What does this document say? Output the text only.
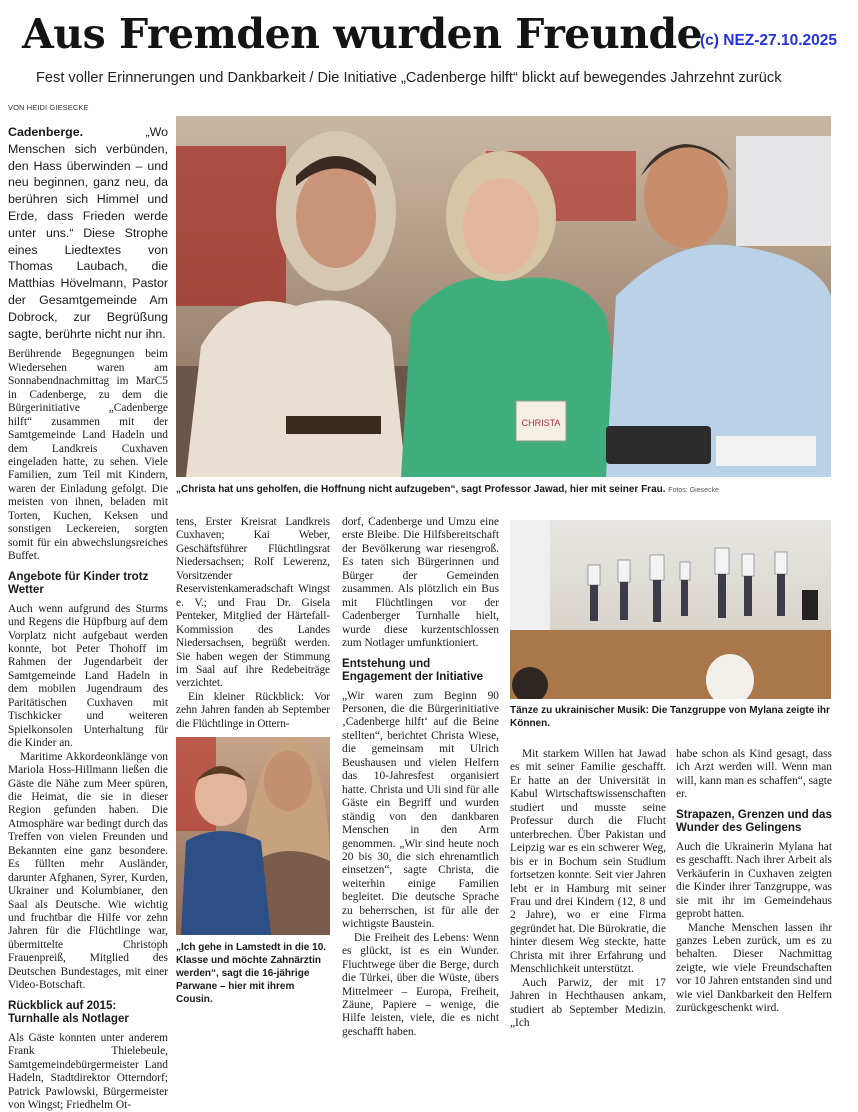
Aus Fremden wurden Freunde
(c) NEZ-27.10.2025
Fest voller Erinnerungen und Dankbarkeit / Die Initiative „Cadenberge hilft“ blickt auf bewegendes Jahrzehnt zurück
VON HEIDI GIESECKE
Cadenberge.	„Wo Menschen sich verbünden, den Hass überwinden – und neu beginnen, ganz neu, da berühren sich Himmel und Erde, dass Frieden werde unter uns.“ Diese Strophe eines Liedtextes von Thomas Laubach, die Matthias Hövelmann, Pastor der Gesamtgemeinde Am Dobrock, zur Begrüßung sagte, berührte nicht nur ihn.

Berührende Begegnungen beim Wiedersehen waren am Sonnabendnachmittag im MarC5 in Cadenberge, zu dem die Bürgerinitiative „Cadenberge hilft“ zusammen mit der Samtgemeinde Land Hadeln und dem Landkreis Cuxhaven eingeladen hatte, zu sehen. Viele Familien, zum Teil mit Kindern, waren der Einladung gefolgt. Die meisten von ihnen, beladen mit Torten, Kuchen, Keksen und sonstigen Leckereien, sorgten somit für ein abwechslungsreiches Buffet.

Angebote für Kinder trotz Wetter

Auch wenn aufgrund des Sturms und Regens die Hüpfburg auf dem Vorplatz nicht aufgebaut werden konnte, bot Peter Thohoff im Rahmen der Jugendarbeit der Samtgemeinde Land Hadeln in dem mobilen Jugendraum des Paritätischen Cuxhaven mit Tischkicker und weiteren Spielkonsolen Unterhaltung für die Kinder an.

Maritime Akkordeonklänge von Mariola Hoss-Hillmann ließen die Gäste die Nähe zum Meer spüren, die Heimat, die sie in dieser Region gefunden haben. Die Atmosphäre war bedingt durch das Treffen von vielen Freunden und Bekannten eine ganz besondere. Es füllten mehr Ausländer, darunter Afghanen, Syrer, Kurden, Ukrainer und Kolumbianer, den Saal als Deutsche. Wie wichtig und fruchtbar die Hilfe vor zehn Jahren für die Flüchtlinge war, übermittelte Christoph Frauenpreiß, Mitglied des Deutschen Bundestages, mit einer Video-Botschaft.

Rückblick auf 2015: Turnhalle als Notlager

Als Gäste konnten unter anderem Frank Thielebeule, Samtgemeindebürgermeister Land Hadeln, Stadtdirektor Otterndorf; Patrick Pawlowski, Bürgermeister von Wingst; Friedhelm Ot-

CHRISTA
„Christa hat uns geholfen, die Hoffnung nicht aufzugeben“, sagt Professor Jawad, hier mit seiner Frau. Fotos: Giesecke

tens, Erster Kreisrat Landkreis Cuxhaven; Kai Weber, Geschäftsführer Flüchtlingsrat Niedersachsen; Rolf Lewerenz, Vorsitzender Reservistenkameradschaft Wingst e. V.; und Frau Dr. Gisela Penteker, Mitglied der Härtefall-Kommission des Landes Niedersachsen, begrüßt werden. Sie haben wegen der Stimmung im Saal auf ihre Redebeiträge verzichtet.

Ein kleiner Rückblick: Vor zehn Jahren fanden ab September die Flüchtlinge in Ottern-

„Ich gehe in Lamstedt in die 10. Klasse und möchte Zahnärztin werden“, sagt die 16-jährige Parwane – hier mit ihrem Cousin.

dorf, Cadenberge und Umzu eine erste Bleibe. Die Hilfsbereitschaft der Bevölkerung war riesengroß. Es taten sich Bürgerinnen und Bürger der Gemeinden zusammen. Als plötzlich ein Bus mit Flüchtlingen vor der Cadenberger Turnhalle hielt, wurde diese kurzentschlossen zum Notlager umfunktioniert.

Entstehung und Engagement der Initiative

„Wir waren zum Beginn 90 Personen, die die Bürgerinitiative ‚Cadenberge hilft‘ auf die Beine stellten“, berichtet Christa Wiese, die gemeinsam mit Ulrich Beushausen und vielen Helfern das 10-Jahresfest organisiert hatte. Christa und Uli sind für alle Gäste ein Begriff und wurden ständig von den dankbaren Menschen in den Arm genommen. „Wir sind heute noch 20 bis 30, die sich ehrenamtlich einsetzen“, sagte Christa, die weiterhin einige Familien begleitet. Die deutsche Sprache zu beherrschen, ist für alle der wichtigste Baustein.

Die Freiheit des Lebens: Wenn es glückt, ist es ein Wunder. Fluchtwege über die Berge, durch die Türkei, über die Wüste, übers Mittelmeer – Europa, Freiheit, Zäune, Papiere – wenige, die Hilfe leisten, viele, die es nicht geschafft haben.

Tänze zu ukrainischer Musik: Die Tanzgruppe von Mylana zeigte ihr Können.

Mit starkem Willen hat Jawad es mit seiner Familie geschafft. Er hatte an der Universität in Kabul Wirtschaftswissenschaften studiert und musste seine Professur durch die Flucht unterbrechen. Über Pakistan und Leipzig war es ein schwerer Weg, bis er in Bochum sein Studium fortsetzen konnte. Seit vier Jahren lebt er in Hamburg mit seiner Frau und drei Kindern (12, 8 und 2 Jahre), wo er eine Firma gegründet hat. Die Bürokratie, die hinter diesem Weg steckte, hatte Christa mit ihrer Erfahrung und Menschlichkeit unterstützt.

Auch Parwiz, der mit 17 Jahren in Hechthausen ankam, studiert ab September Medizin. „Ich

habe schon als Kind gesagt, dass ich Arzt werden will. Wenn man will, kann man es schaffen“, sagte er.

Strapazen, Grenzen und das Wunder des Gelingens

Auch die Ukrainerin Mylana hat es geschafft. Nach ihrer Arbeit als Verkäuferin in Cuxhaven zeigten die Kinder ihrer Tanzgruppe, was sie mit ihr im Gemeindehaus geprobt hatten.

Manche Menschen lassen ihr ganzes Leben zurück, um es zu behalten. Dieser Nachmittag zeigte, wie viele Freundschaften vor 10 Jahren entstanden sind und wie viel Dankbarkeit den Helfern zurückgeschenkt wird.
